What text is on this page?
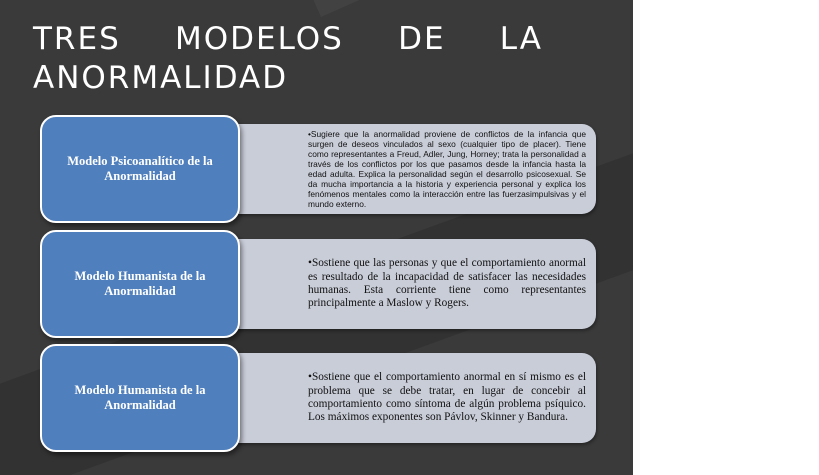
TRES MODELOS DE LA
ANORMALIDAD
•Sugiere que la anormalidad proviene de conflictos de la infancia que surgen de deseos vinculados al sexo (cualquier tipo de placer). Tiene como representantes a Freud, Adler, Jung, Horney; trata la personalidad a través de los conflictos por los que pasamos desde la infancia hasta la edad adulta. Explica la personalidad según el desarrollo psicosexual. Se da mucha importancia a la historia y experiencia personal y explica los fenómenos mentales como la interacción entre las fuerzasimpulsivas y el mundo externo.
Modelo Psicoanalítico de la Anormalidad
•Sostiene que las personas y que el comportamiento anormal es resultado de la incapacidad de satisfacer las necesidades humanas. Esta corriente tiene como representantes principalmente a Maslow y Rogers.
Modelo Humanista de la Anormalidad
•Sostiene que el comportamiento anormal en sí mismo es el problema que se debe tratar, en lugar de concebir al comportamiento como síntoma de algún problema psíquico. Los máximos exponentes son Pávlov, Skinner y Bandura.
Modelo Humanista de la Anormalidad
